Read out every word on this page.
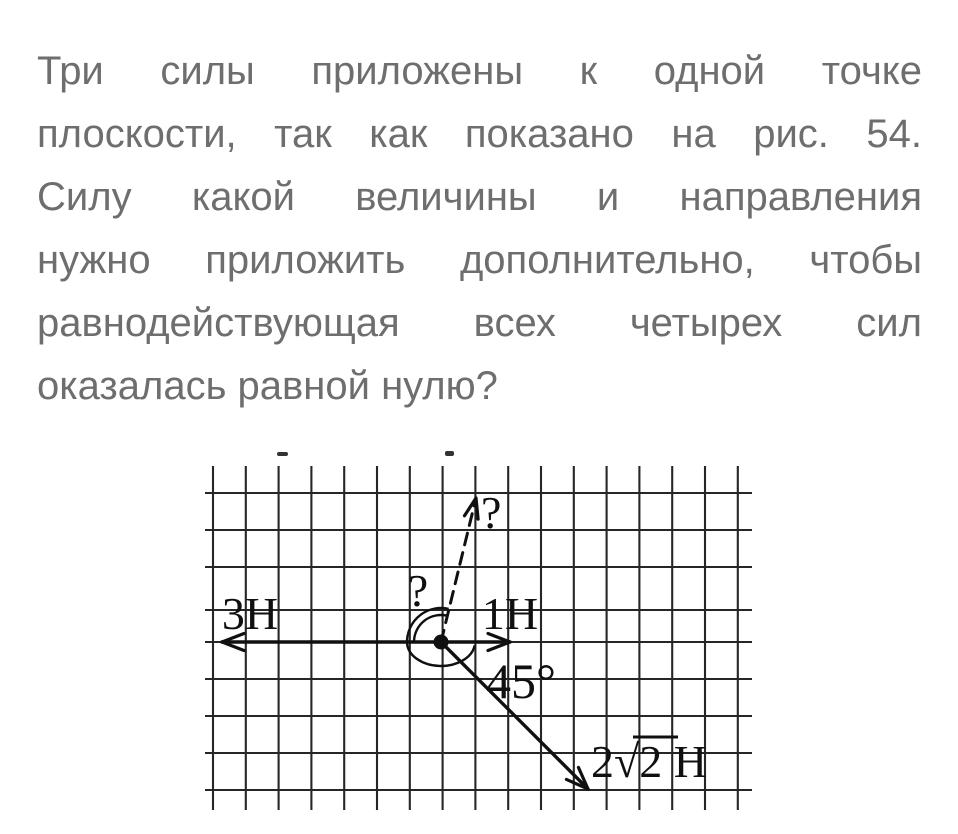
Три силы приложены к одной точке
плоскости, так как показано на рис. 54.
Силу какой величины и направления
нужно приложить дополнительно, чтобы
равнодействующая всех четырех сил
оказалась равной нулю?
3Н	1Н
2√2 Н
?
?
45°
